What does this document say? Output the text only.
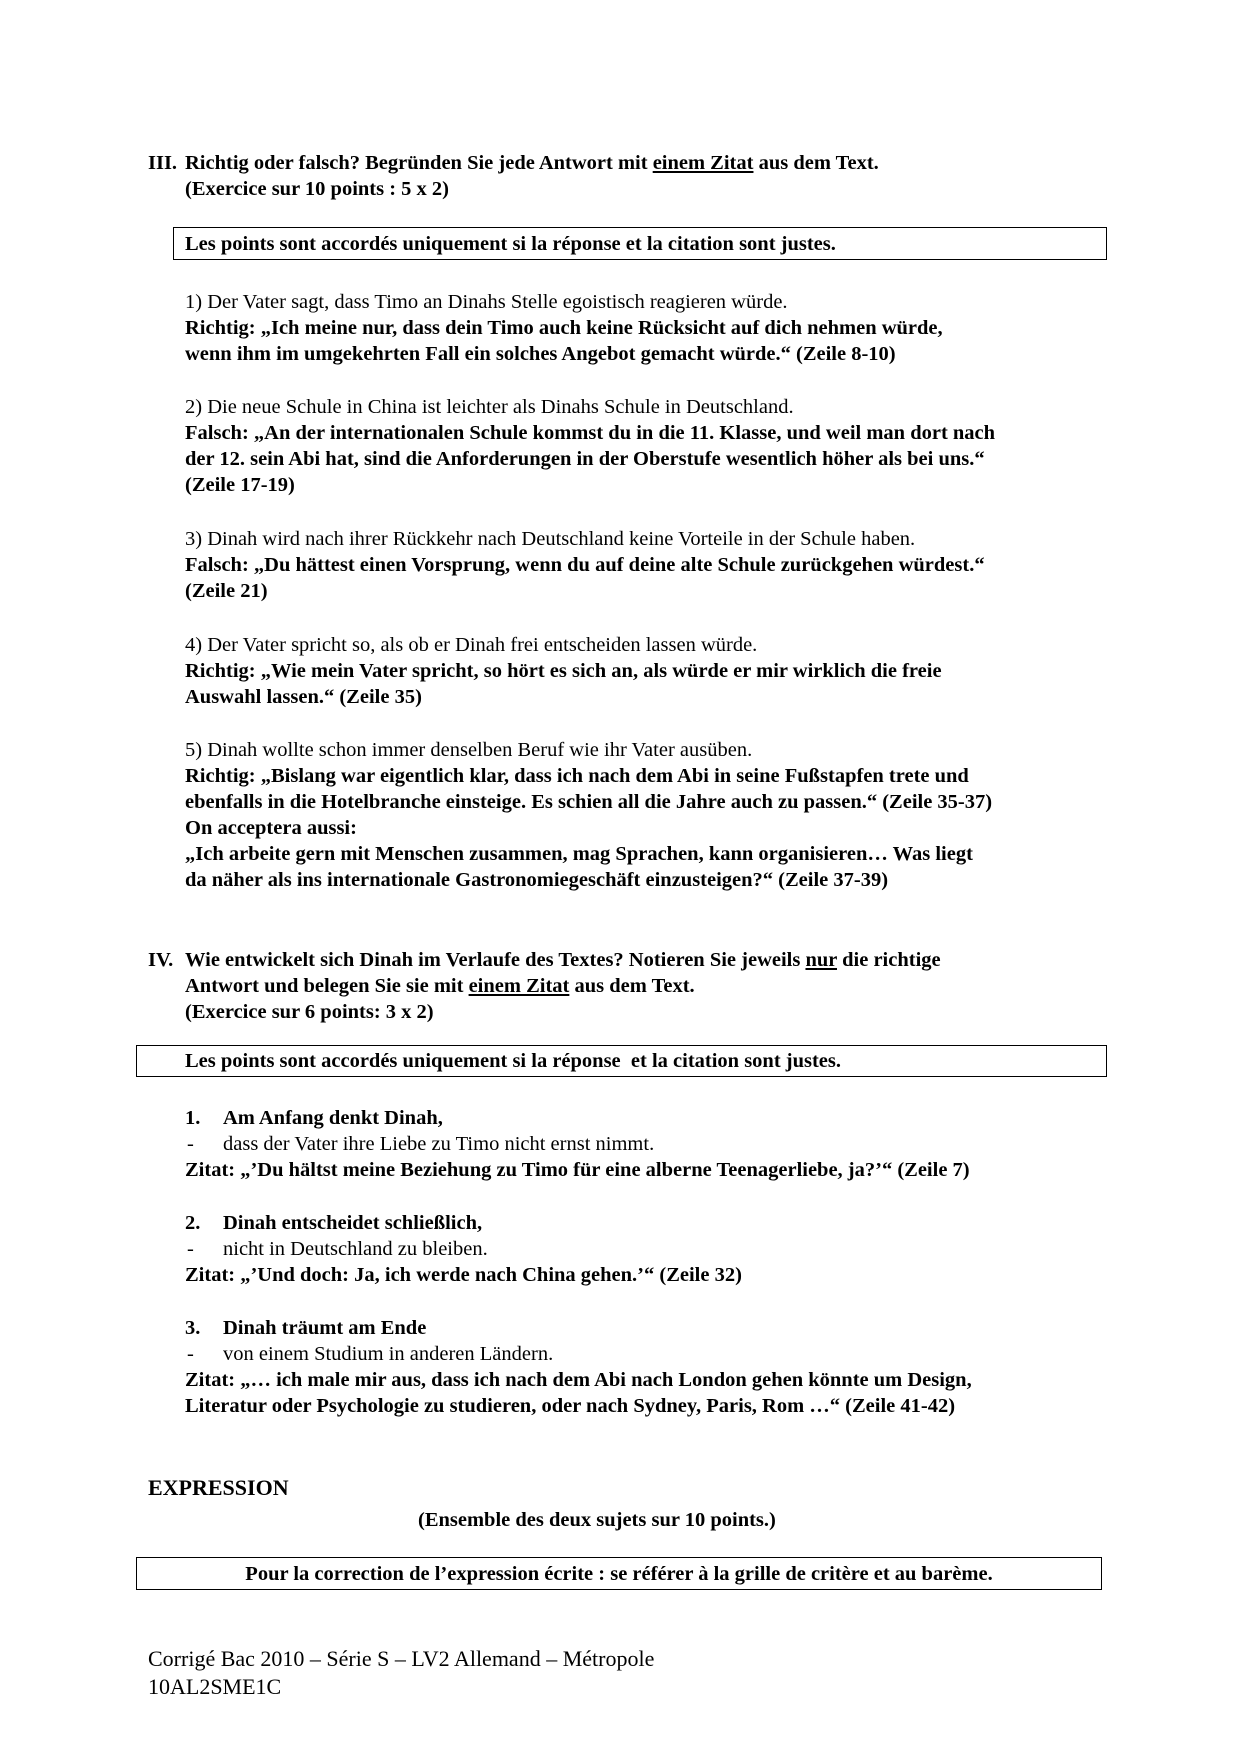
III. Richtig oder falsch? Begründen Sie jede Antwort mit einem Zitat aus dem Text.
(Exercice sur 10 points : 5 x 2)
Les points sont accordés uniquement si la réponse et la citation sont justes.
1) Der Vater sagt, dass Timo an Dinahs Stelle egoistisch reagieren würde.
Richtig: „Ich meine nur, dass dein Timo auch keine Rücksicht auf dich nehmen würde,
wenn ihm im umgekehrten Fall ein solches Angebot gemacht würde.“ (Zeile 8-10)
2) Die neue Schule in China ist leichter als Dinahs Schule in Deutschland.
Falsch: „An der internationalen Schule kommst du in die 11. Klasse, und weil man dort nach
der 12. sein Abi hat, sind die Anforderungen in der Oberstufe wesentlich höher als bei uns.“
(Zeile 17-19)
3) Dinah wird nach ihrer Rückkehr nach Deutschland keine Vorteile in der Schule haben.
Falsch: „Du hättest einen Vorsprung, wenn du auf deine alte Schule zurückgehen würdest.“
(Zeile 21)
4) Der Vater spricht so, als ob er Dinah frei entscheiden lassen würde.
Richtig: „Wie mein Vater spricht, so hört es sich an, als würde er mir wirklich die freie
Auswahl lassen.“ (Zeile 35)
5) Dinah wollte schon immer denselben Beruf wie ihr Vater ausüben.
Richtig: „Bislang war eigentlich klar, dass ich nach dem Abi in seine Fußstapfen trete und
ebenfalls in die Hotelbranche einsteige. Es schien all die Jahre auch zu passen.“ (Zeile 35-37)
On acceptera aussi:
„Ich arbeite gern mit Menschen zusammen, mag Sprachen, kann organisieren… Was liegt
da näher als ins internationale Gastronomiegeschäft einzusteigen?“ (Zeile 37-39)
IV. Wie entwickelt sich Dinah im Verlaufe des Textes? Notieren Sie jeweils nur die richtige
Antwort und belegen Sie sie mit einem Zitat aus dem Text.
(Exercice sur 6 points: 3 x 2)
Les points sont accordés uniquement si la réponse  et la citation sont justes.
1. Am Anfang denkt Dinah,
- dass der Vater ihre Liebe zu Timo nicht ernst nimmt.
Zitat: „’Du hältst meine Beziehung zu Timo für eine alberne Teenagerliebe, ja?’“ (Zeile 7)
2. Dinah entscheidet schließlich,
- nicht in Deutschland zu bleiben.
Zitat: „’Und doch: Ja, ich werde nach China gehen.’“ (Zeile 32)
3. Dinah träumt am Ende
- von einem Studium in anderen Ländern.
Zitat: „… ich male mir aus, dass ich nach dem Abi nach London gehen könnte um Design,
Literatur oder Psychologie zu studieren, oder nach Sydney, Paris, Rom …“ (Zeile 41-42)
EXPRESSION
(Ensemble des deux sujets sur 10 points.)
Pour la correction de l’expression écrite : se référer à la grille de critère et au barème.
Corrigé Bac 2010 – Série S – LV2 Allemand – Métropole
10AL2SME1C
